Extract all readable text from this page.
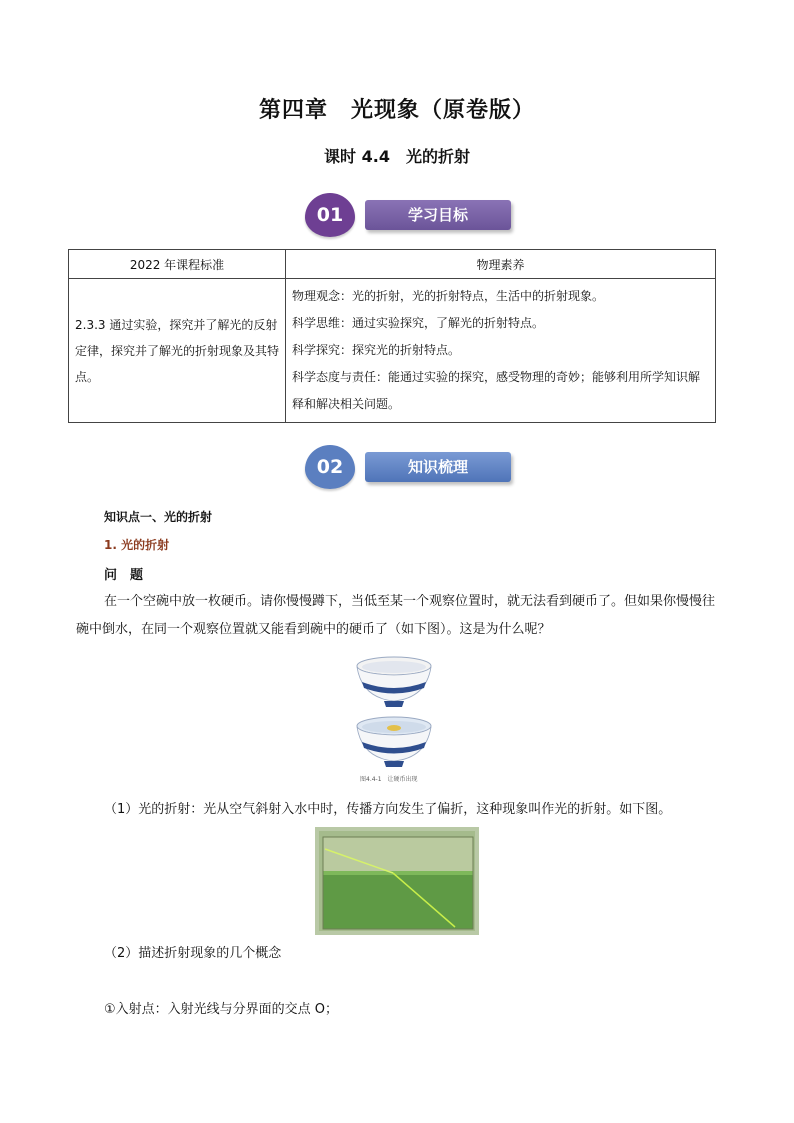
第四章　光现象（原卷版）
课时 4.4　光的折射
学习目标
01
2022 年课程标准	物理素养
2.3.3 通过实验，探究并了解光的反射定律，探究并了解光的折射现象及其特点。	物理观念：光的折射，光的折射特点，生活中的折射现象。
科学思维：通过实验探究，了解光的折射特点。
科学探究：探究光的折射特点。
科学态度与责任：能通过实验的探究，感受物理的奇妙；能够利用所学知识解释和解决相关问题。
知识梳理
02
知识点一、光的折射
1. 光的折射
问　题
在一个空碗中放一枚硬币。请你慢慢蹲下，当低至某一个观察位置时，就无法看到硬币了。但如果你慢慢往碗中倒水，在同一个观察位置就又能看到碗中的硬币了（如下图）。这是为什么呢？
图4.4-1　让硬币出现
（1）光的折射：光从空气斜射入水中时，传播方向发生了偏折，这种现象叫作光的折射。如下图。
（2）描述折射现象的几个概念
①入射点：入射光线与分界面的交点 O；
